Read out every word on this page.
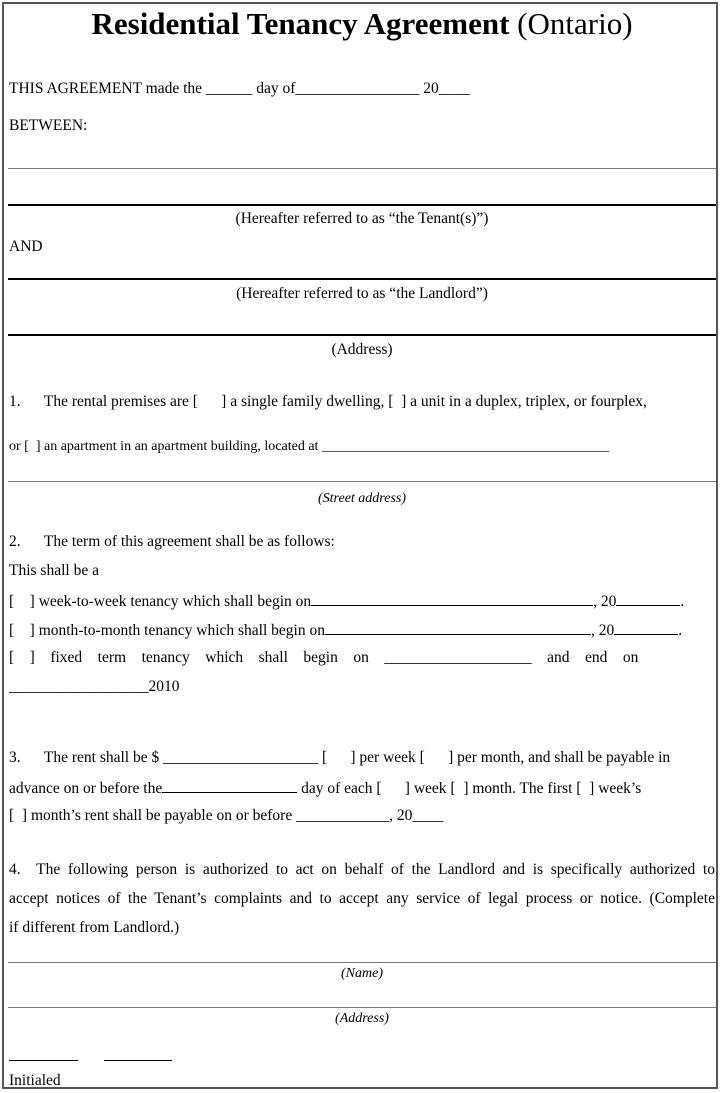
Residential Tenancy Agreement (Ontario)
THIS AGREEMENT made the ______ day of________________ 20____
BETWEEN:
(Hereafter referred to as “the Tenant(s)”)
AND
(Hereafter referred to as “the Landlord”)
(Address)
1.  The rental premises are [  ] a single family dwelling, [ ] a unit in a duplex, triplex, or fourplex,
or [ ] an apartment in an apartment building, located at _________________________________________
(Street address)
2.  The term of this agreement shall be as follows:
This shall be a
[ ] week-to-week tenancy which shall begin on	, 20	.
[ ] month-to-month tenancy which shall begin on	, 20	.
[ ] fixed term tenancy which shall begin on ___________________ and end on
__________________2010
3.  The rent shall be $ ____________________ [  ] per week [  ] per month, and shall be payable in
advance on or before the	day of each [  ] week [ ] month. The first [ ] week’s
[ ] month’s rent shall be payable on or before ____________, 20____
4. The following person is authorized to act on behalf of the Landlord and is specifically authorized to
accept notices of the Tenant’s complaints and to accept any service of legal process or notice. (Complete
if different from Landlord.)
(Name)
(Address)
Initialed
